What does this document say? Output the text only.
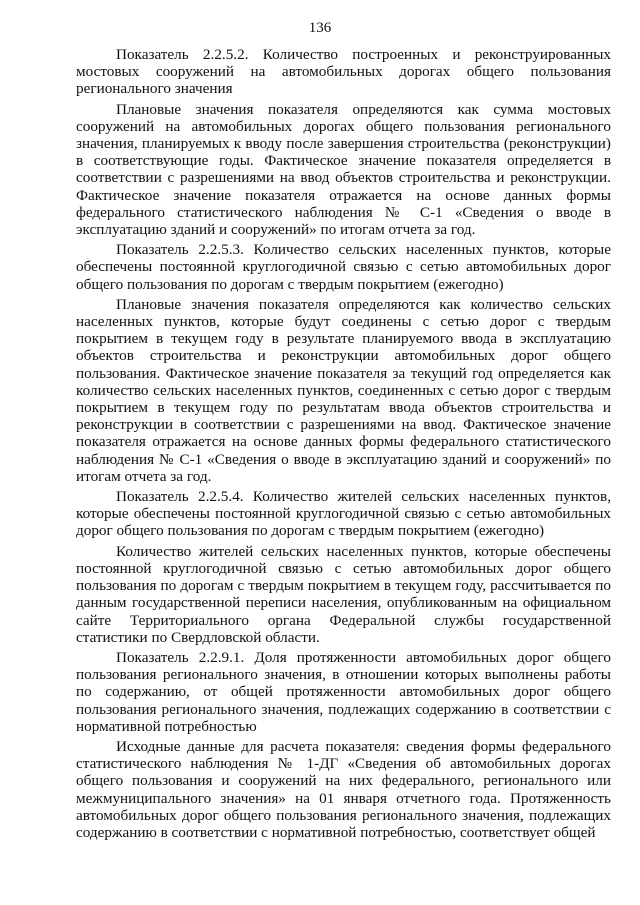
136

Показатель 2.2.5.2. Количество построенных и реконструированных мостовых сооружений на автомобильных дорогах общего пользования регионального значения

Плановые значения показателя определяются как сумма мостовых сооружений на автомобильных дорогах общего пользования регионального значения, планируемых к вводу после завершения строительства (реконструкции) в соответствующие годы. Фактическое значение показателя определяется в соответствии с разрешениями на ввод объектов строительства и реконструкции. Фактическое значение показателя отражается на основе данных формы федерального статистического наблюдения № С-1 «Сведения о вводе в эксплуатацию зданий и сооружений» по итогам отчета за год.

Показатель 2.2.5.3. Количество сельских населенных пунктов, которые обеспечены постоянной круглогодичной связью с сетью автомобильных дорог общего пользования по дорогам с твердым покрытием (ежегодно)

Плановые значения показателя определяются как количество сельских населенных пунктов, которые будут соединены с сетью дорог с твердым покрытием в текущем году в результате планируемого ввода в эксплуатацию объектов строительства и реконструкции автомобильных дорог общего пользования. Фактическое значение показателя за текущий год определяется как количество сельских населенных пунктов, соединенных с сетью дорог с твердым покрытием в текущем году по результатам ввода объектов строительства и реконструкции в соответствии с разрешениями на ввод. Фактическое значение показателя отражается на основе данных формы федерального статистического наблюдения № С-1 «Сведения о вводе в эксплуатацию зданий и сооружений» по итогам отчета за год.

Показатель 2.2.5.4. Количество жителей сельских населенных пунктов, которые обеспечены постоянной круглогодичной связью с сетью автомобильных дорог общего пользования по дорогам с твердым покрытием (ежегодно)

Количество жителей сельских населенных пунктов, которые обеспечены постоянной круглогодичной связью с сетью автомобильных дорог общего пользования по дорогам с твердым покрытием в текущем году, рассчитывается по данным государственной переписи населения, опубликованным на официальном сайте Территориального органа Федеральной службы государственной статистики по Свердловской области.

Показатель 2.2.9.1. Доля протяженности автомобильных дорог общего пользования регионального значения, в отношении которых выполнены работы по содержанию, от общей протяженности автомобильных дорог общего пользования регионального значения, подлежащих содержанию в соответствии с нормативной потребностью

Исходные данные для расчета показателя: сведения формы федерального статистического наблюдения № 1-ДГ «Сведения об автомобильных дорогах общего пользования и сооружений на них федерального, регионального или межмуниципального значения» на 01 января отчетного года. Протяженность автомобильных дорог общего пользования регионального значения, подлежащих содержанию в соответствии с нормативной потребностью, соответствует общей
